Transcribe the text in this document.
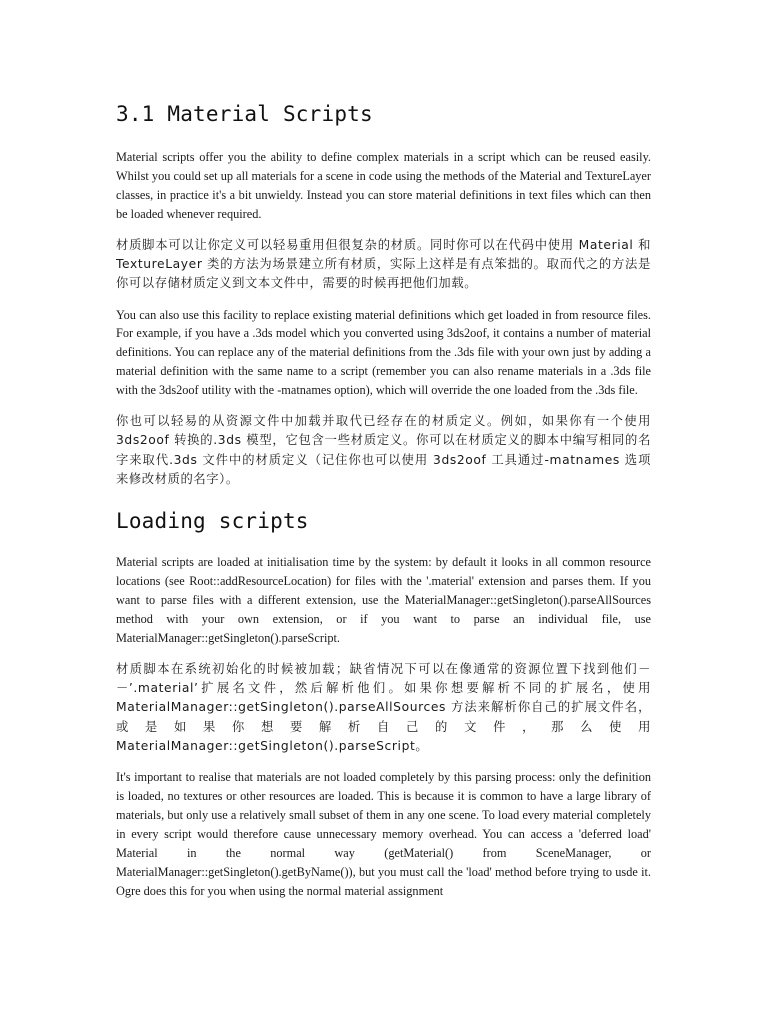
3.1 Material Scripts

Material scripts offer you the ability to define complex materials in a script which can be reused easily. Whilst you could set up all materials for a scene in code using the methods of the Material and TextureLayer classes, in practice it's a bit unwieldy. Instead you can store material definitions in text files which can then be loaded whenever required.

材质脚本可以让你定义可以轻易重用但很复杂的材质。同时你可以在代码中使用 Material 和 TextureLayer 类的方法为场景建立所有材质，实际上这样是有点笨拙的。取而代之的方法是你可以存储材质定义到文本文件中，需要的时候再把他们加载。

You can also use this facility to replace existing material definitions which get loaded in from resource files. For example, if you have a .3ds model which you converted using 3ds2oof, it contains a number of material definitions. You can replace any of the material definitions from the .3ds file with your own just by adding a material definition with the same name to a script (remember you can also rename materials in a .3ds file with the 3ds2oof utility with the -matnames option), which will override the one loaded from the .3ds file.

你也可以轻易的从资源文件中加载并取代已经存在的材质定义。例如，如果你有一个使用 3ds2oof 转换的.3ds 模型，它包含一些材质定义。你可以在材质定义的脚本中编写相同的名字来取代.3ds 文件中的材质定义（记住你也可以使用 3ds2oof 工具通过-matnames 选项来修改材质的名字）。

Loading scripts

Material scripts are loaded at initialisation time by the system: by default it looks in all common resource locations (see Root::addResourceLocation) for files with the '.material' extension and parses them. If you want to parse files with a different extension, use the MaterialManager::getSingleton().parseAllSources method with your own extension, or if you want to parse an individual file, use MaterialManager::getSingleton().parseScript.

材质脚本在系统初始化的时候被加载；缺省情况下可以在像通常的资源位置下找到他们－－’.material’扩展名文件，然后解析他们。如果你想要解析不同的扩展名，使用 MaterialManager::getSingleton().parseAllSources 方法来解析你自己的扩展文件名，或是如果你想要解析自己的文件，那么使用 MaterialManager::getSingleton().parseScript。

It's important to realise that materials are not loaded completely by this parsing process: only the definition is loaded, no textures or other resources are loaded. This is because it is common to have a large library of materials, but only use a relatively small subset of them in any one scene. To load every material completely in every script would therefore cause unnecessary memory overhead. You can access a 'deferred load' Material in the normal way (getMaterial() from SceneManager, or MaterialManager::getSingleton().getByName()), but you must call the 'load' method before trying to usde it. Ogre does this for you when using the normal material assignment
